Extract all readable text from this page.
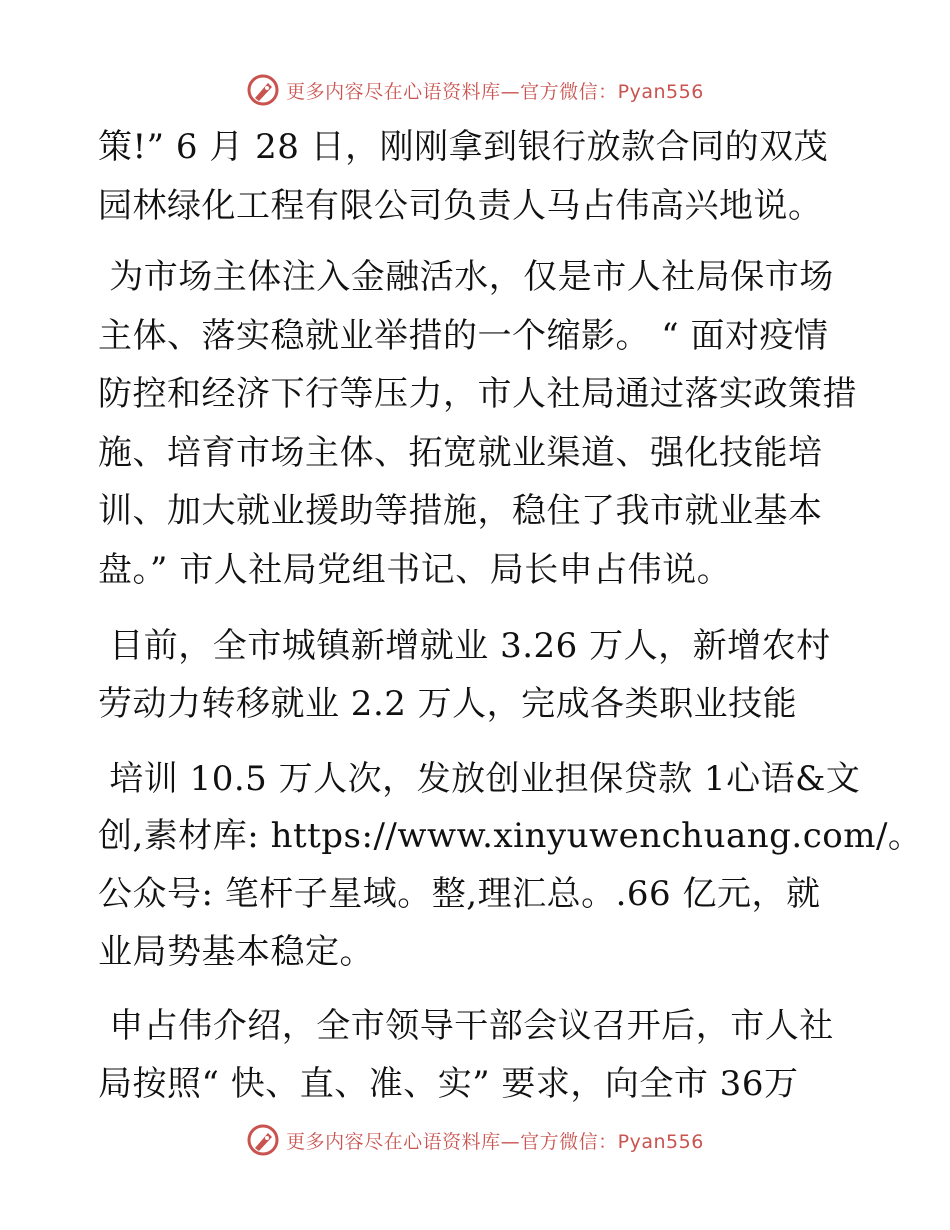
更多内容尽在心语资料库—官方微信：Pyan556
策!” 6 月 28 日，刚刚拿到银行放款合同的双茂
园林绿化工程有限公司负责人马占伟高兴地说。
为市场主体注入金融活水，仅是市人社局保市场
主体、落实稳就业举措的一个缩影。 “ 面对疫情
防控和经济下行等压力，市人社局通过落实政策措
施、培育市场主体、拓宽就业渠道、强化技能培
训、加大就业援助等措施，稳住了我市就业基本
盘。” 市人社局党组书记、局长申占伟说。
目前，全市城镇新增就业 3.26 万人，新增农村
劳动力转移就业 2.2 万人，完成各类职业技能
培训 10.5 万人次，发放创业担保贷款 1心语&文
创,素材库: https://www.xinyuwenchuang.com/。
公众号: 笔杆子星域。整,理汇总。.66 亿元，就
业局势基本稳定。
申占伟介绍，全市领导干部会议召开后，市人社
局按照“ 快、直、准、实” 要求，向全市 36万
更多内容尽在心语资料库—官方微信：Pyan556
